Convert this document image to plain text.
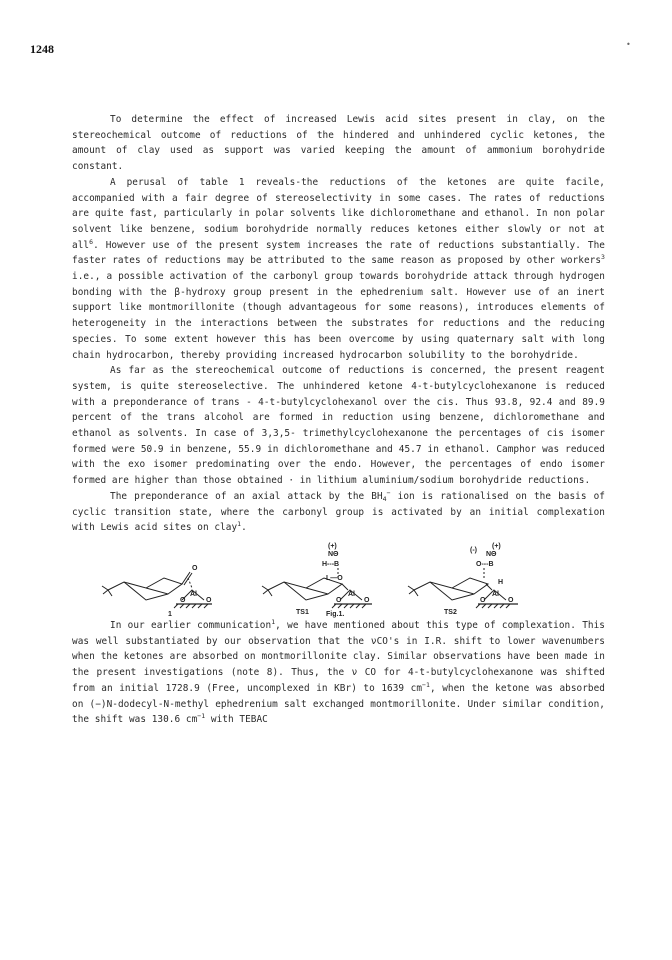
1248	•

To determine the effect of increased Lewis acid sites present in clay, on the stereochemical outcome of reductions of the hindered and unhindered cyclic ketones, the amount of clay used as support was varied keeping the amount of ammonium borohydride constant.

A perusal of table 1 reveals-the reductions of the ketones are quite facile, accompanied with a fair degree of stereoselectivity in some cases. The rates of reductions are quite fast, particularly in polar solvents like dichloromethane and ethanol. In non polar solvent like benzene, sodium borohydride normally reduces ketones either slowly or not at all$^6$. However use of the present system increases the rate of reductions substantially. The faster rates of reductions may be attributed to the same reason as proposed by other workers$^3$ i.e., a possible activation of the carbonyl group towards borohydride attack through hydrogen bonding with the β-hydroxy group present in the ephedrenium salt. However use of an inert support like montmorillonite (though advantageous for some reasons), introduces elements of heterogeneity in the interactions between the substrates for reductions and the reducing species. To some extent however this has been overcome by using quaternary salt with long chain hydrocarbon, thereby providing increased hydrocarbon solubility to the borohydride.

As far as the stereochemical outcome of reductions is concerned, the present reagent system, is quite stereoselective. The unhindered ketone 4-t-butylcyclohexanone is reduced with a preponderance of trans - 4-t-butylcyclohexanol over the cis. Thus 93.8, 92.4 and 89.9 percent of the trans alcohol are formed in reduction using benzene, dichloromethane and ethanol as solvents. In case of 3,3,5- trimethylcyclohexanone the percentages of cis isomer formed were 50.9 in benzene, 55.9 in dichloromethane and 45.7 in ethanol. Camphor was reduced with the exo isomer predominating over the endo. However, the percentages of endo isomer formed are higher than those obtained · in lithium aluminium/sodium borohydride reductions.

The preponderance of an axial attack by the $BH_4^-$ ion is rationalised on the basis of cyclic transition state, where the carbonyl group is activated by an initial complexation with Lewis acid sites on clay$^1$.

O
Al
O	O
1
(+)
NΘ
H---B
L—O
Al
O	O
TS1 Fig.1.
(+)
(-)
NΘ
O---B
H
Al
O	O
TS2

In our earlier communication$^1$, we have mentioned about this type of complexation. This was well substantiated by our observation that the νCO's in I.R. shift to lower wavenumbers when the ketones are absorbed on montmorillonite clay. Similar observations have been made in the present investigations (note 8). Thus, the ν CO for 4-t-butylcyclohexanone was shifted from an initial 1728.9 (Free, uncomplexed in KBr) to 1639 $cm^{-1}$, when the ketone was absorbed on (−)N-dodecyl-N-methyl ephedrenium salt exchanged montmorillonite. Under similar condition, the shift was 130.6 $cm^{-1}$ with TEBAC
